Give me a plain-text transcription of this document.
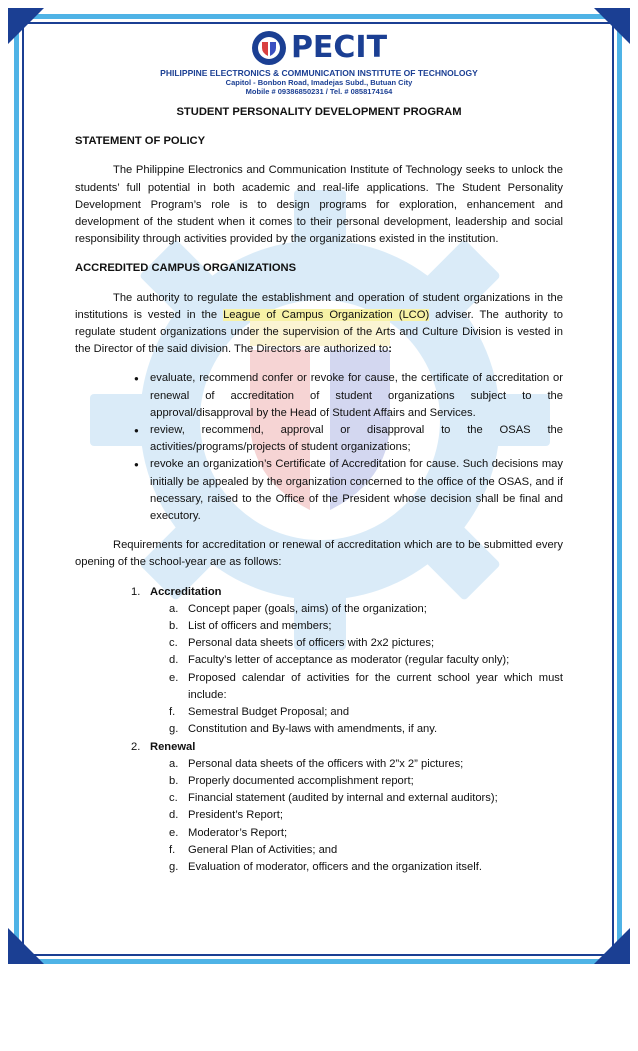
PECIT
PHILIPPINE ELECTRONICS & COMMUNICATION INSTITUTE OF TECHNOLOGY
Capitol - Bonbon Road, Imadejas Subd., Butuan City
Mobile # 09386850231 / Tel. # 0858174164
STUDENT PERSONALITY DEVELOPMENT PROGRAM
STATEMENT OF POLICY

The Philippine Electronics and Communication Institute of Technology seeks to unlock the students’ full potential in both academic and real-life applications. The Student Personality Development Program’s role is to design programs for exploration, enhancement and development of the student when it comes to their personal development, leadership and social responsibility through activities provided by the organizations existed in the institution.

ACCREDITED CAMPUS ORGANIZATIONS

The authority to regulate the establishment and operation of student organizations in the institutions is vested in the League of Campus Organization (LCO) adviser. The authority to regulate student organizations under the supervision of the Arts and Culture Division is vested in the Director of the said division. The Directors are authorized to:

● evaluate, recommend confer or revoke for cause, the certificate of accreditation or renewal of accreditation of student organizations subject to the approval/disapproval by the Head of Student Affairs and Services.
● review, recommend, approval or disapproval to the OSAS the activities/programs/projects of student organizations;
● revoke an organization’s Certificate of Accreditation for cause. Such decisions may initially be appealed by the organization concerned to the office of the OSAS, and if necessary, raised to the Office of the President whose decision shall be final and executory.

Requirements for accreditation or renewal of accreditation which are to be submitted every opening of the school-year are as follows:

1. Accreditation
a. Concept paper (goals, aims) of the organization;
b. List of officers and members;
c. Personal data sheets of officers with 2x2 pictures;
d. Faculty’s letter of acceptance as moderator (regular faculty only);
e. Proposed calendar of activities for the current school year which must include:
f. Semestral Budget Proposal; and
g. Constitution and By-laws with amendments, if any.
2. Renewal
a. Personal data sheets of the officers with 2”x 2” pictures;
b. Properly documented accomplishment report;
c. Financial statement (audited by internal and external auditors);
d. President’s Report;
e. Moderator’s Report;
f. General Plan of Activities; and
g. Evaluation of moderator, officers and the organization itself.
